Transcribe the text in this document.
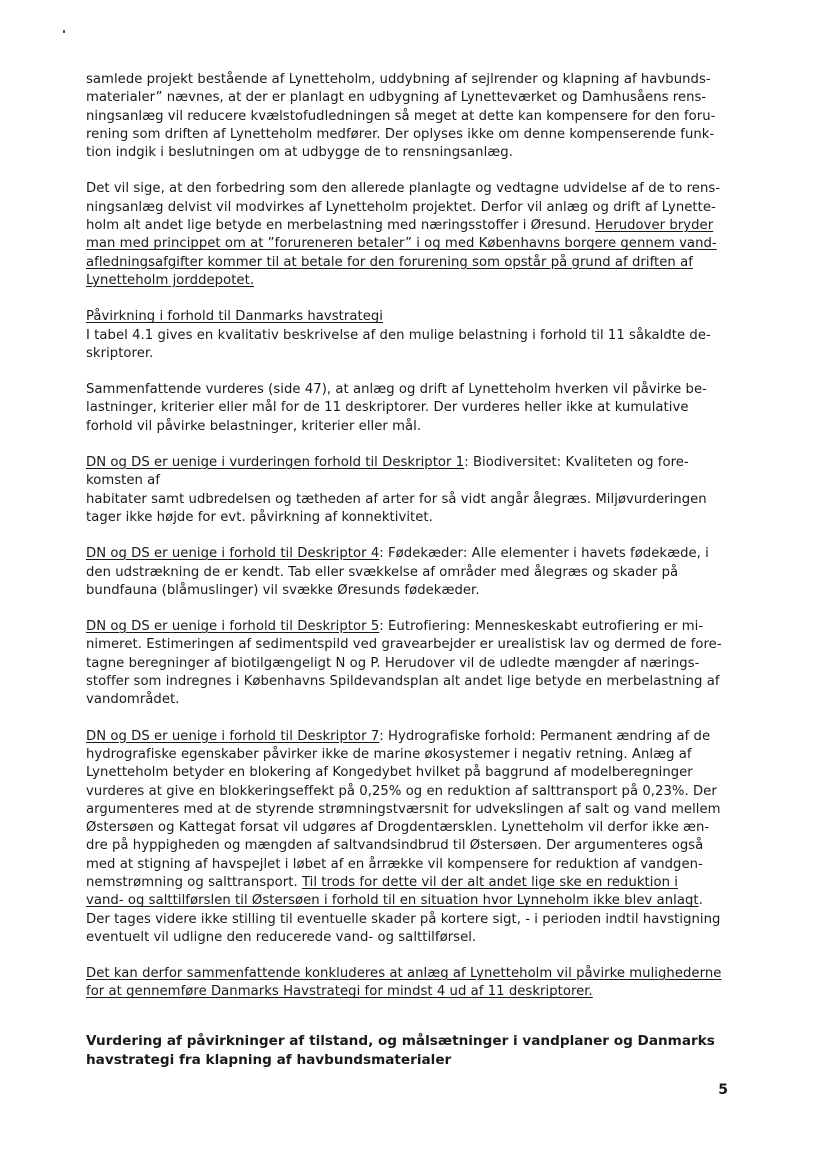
samlede projekt bestående af Lynetteholm, uddybning af sejlrender og klapning af havbunds-
materialer” nævnes, at der er planlagt en udbygning af Lynetteværket og Damhusåens rens-
ningsanlæg vil reducere kvælstofudledningen så meget at dette kan kompensere for den foru-
rening som driften af Lynetteholm medfører. Der oplyses ikke om denne kompenserende funk-
tion indgik i beslutningen om at udbygge de to rensningsanlæg.

Det vil sige, at den forbedring som den allerede planlagte og vedtagne udvidelse af de to rens-
ningsanlæg delvist vil modvirkes af Lynetteholm projektet. Derfor vil anlæg og drift af Lynette-
holm alt andet lige betyde en merbelastning med næringsstoffer i Øresund. Herudover bryder
man med princippet om at ”forureneren betaler” i og med Københavns borgere gennem vand-
afledningsafgifter kommer til at betale for den forurening som opstår på grund af driften af
Lynetteholm jorddepotet.

Påvirkning i forhold til Danmarks havstrategi
I tabel 4.1 gives en kvalitativ beskrivelse af den mulige belastning i forhold til 11 såkaldte de-
skriptorer.

Sammenfattende vurderes (side 47), at anlæg og drift af Lynetteholm hverken vil påvirke be-
lastninger, kriterier eller mål for de 11 deskriptorer. Der vurderes heller ikke at kumulative
forhold vil påvirke belastninger, kriterier eller mål.

DN og DS er uenige i vurderingen forhold til Deskriptor 1: Biodiversitet: Kvaliteten og fore-
komsten af
habitater samt udbredelsen og tætheden af arter for så vidt angår ålegræs. Miljøvurderingen
tager ikke højde for evt. påvirkning af konnektivitet.

DN og DS er uenige i forhold til Deskriptor 4: Fødekæder: Alle elementer i havets fødekæde, i
den udstrækning de er kendt. Tab eller svækkelse af områder med ålegræs og skader på
bundfauna (blåmuslinger) vil svække Øresunds fødekæder.

DN og DS er uenige i forhold til Deskriptor 5: Eutrofiering: Menneskeskabt eutrofiering er mi-
nimeret. Estimeringen af sedimentspild ved gravearbejder er urealistisk lav og dermed de fore-
tagne beregninger af biotilgængeligt N og P. Herudover vil de udledte mængder af nærings-
stoffer som indregnes i Københavns Spildevandsplan alt andet lige betyde en merbelastning af
vandområdet.

DN og DS er uenige i forhold til Deskriptor 7: Hydrografiske forhold: Permanent ændring af de
hydrografiske egenskaber påvirker ikke de marine økosystemer i negativ retning. Anlæg af
Lynetteholm betyder en blokering af Kongedybet hvilket på baggrund af modelberegninger
vurderes at give en blokkeringseffekt på 0,25% og en reduktion af salttransport på 0,23%. Der
argumenteres med at de styrende strømningstværsnit for udvekslingen af salt og vand mellem
Østersøen og Kattegat forsat vil udgøres af Drogdentærsklen. Lynetteholm vil derfor ikke æn-
dre på hyppigheden og mængden af saltvandsindbrud til Østersøen. Der argumenteres også
med at stigning af havspejlet i løbet af en årrække vil kompensere for reduktion af vandgen-
nemstrømning og salttransport. Til trods for dette vil der alt andet lige ske en reduktion i
vand- og salttilførslen til Østersøen i forhold til en situation hvor Lynneholm ikke blev anlagt.
Der tages videre ikke stilling til eventuelle skader på kortere sigt, - i perioden indtil havstigning
eventuelt vil udligne den reducerede vand- og salttilførsel.

Det kan derfor sammenfattende konkluderes at anlæg af Lynetteholm vil påvirke mulighederne
for at gennemføre Danmarks Havstrategi for mindst 4 ud af 11 deskriptorer.

Vurdering af påvirkninger af tilstand, og målsætninger i vandplaner og Danmarks
havstrategi fra klapning af havbundsmaterialer
5
